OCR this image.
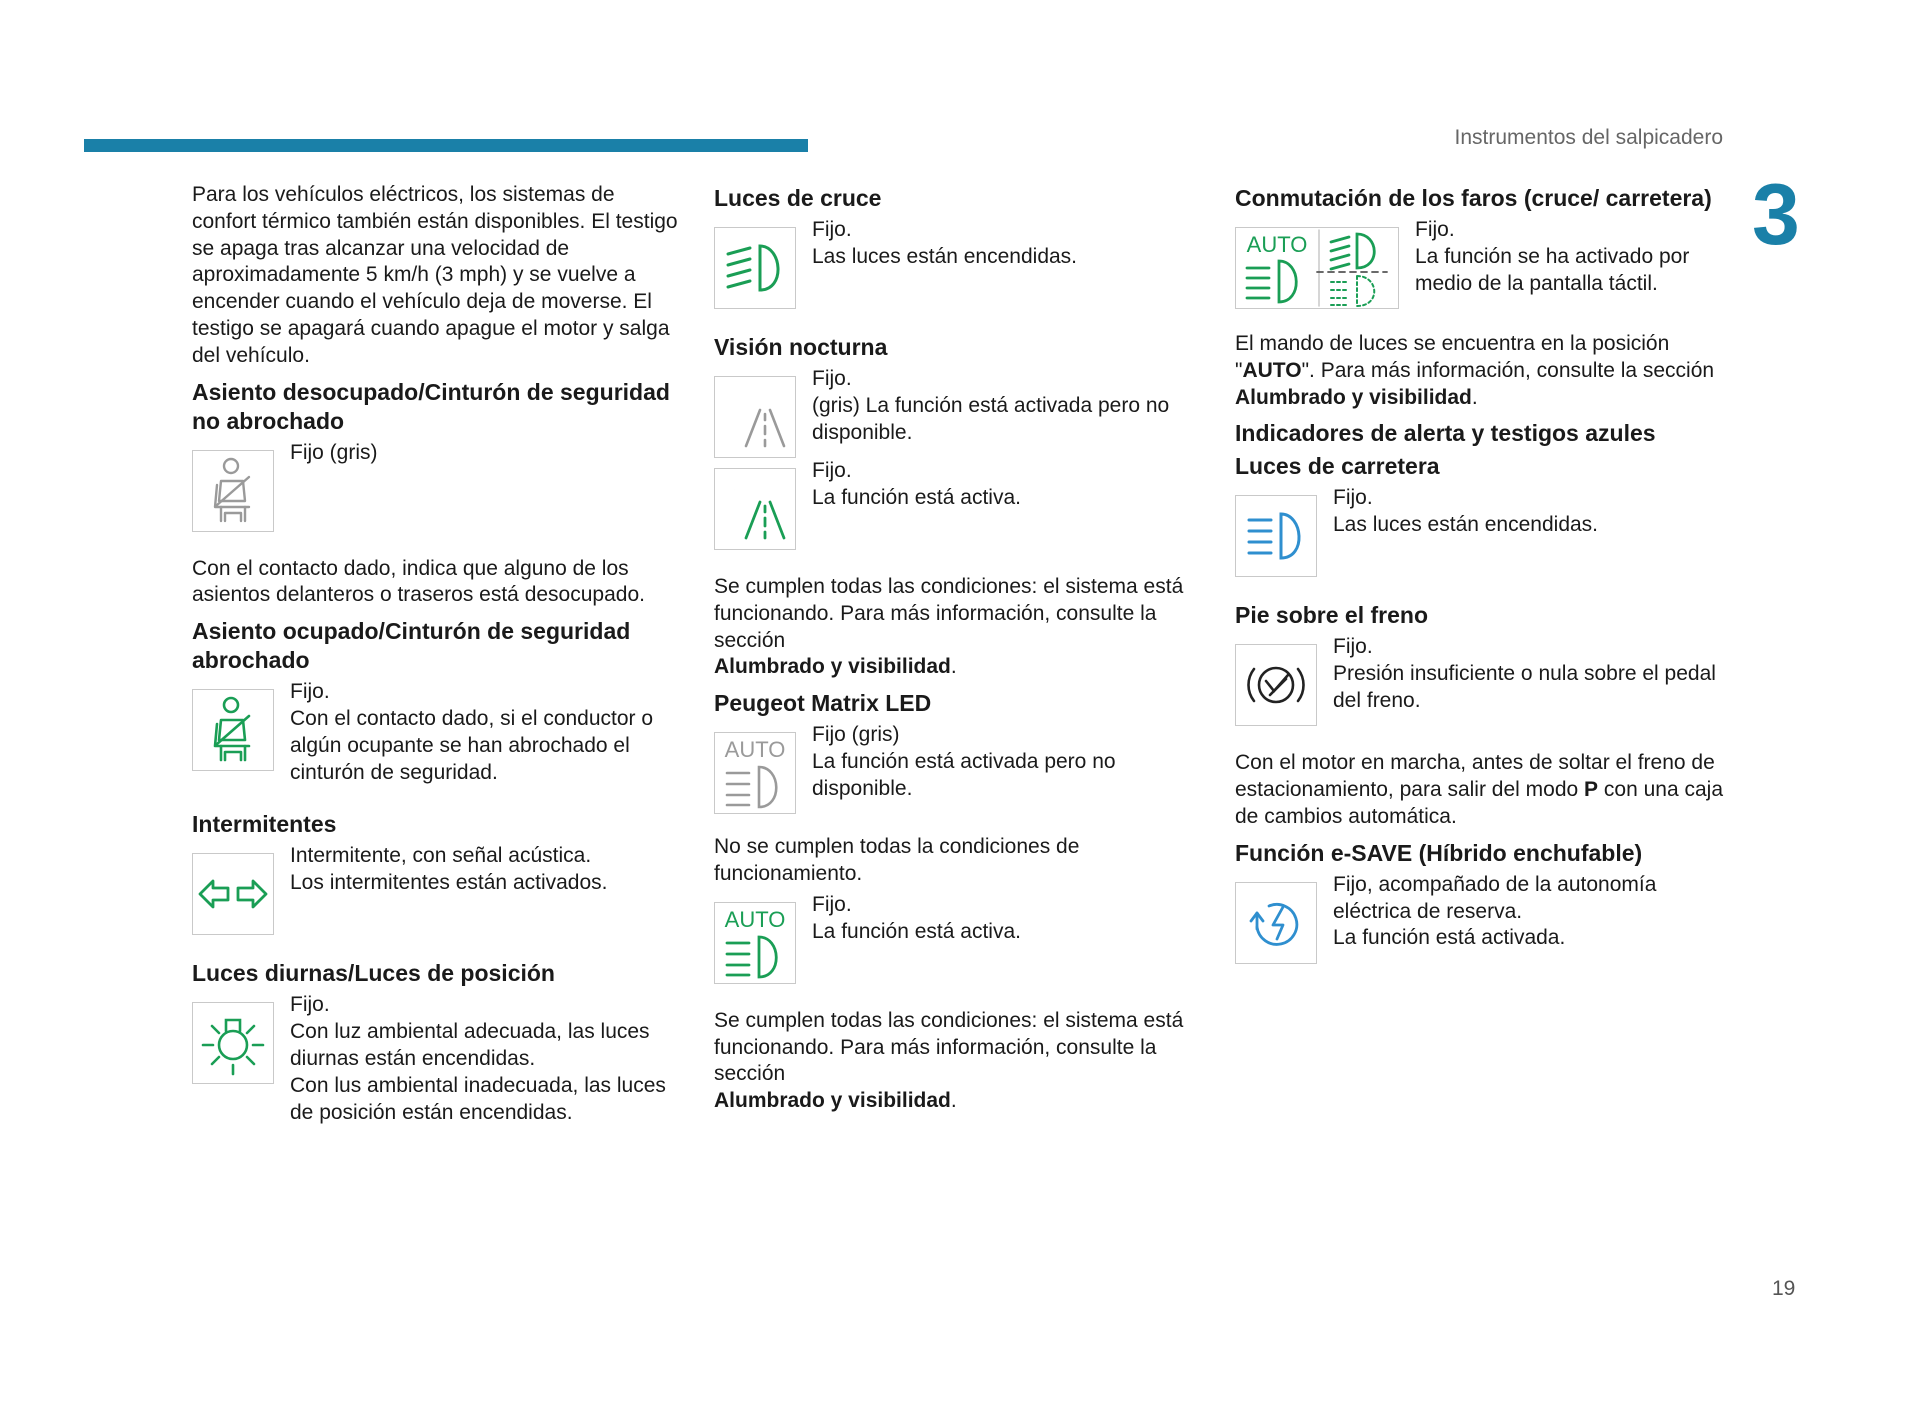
Instrumentos del salpicadero
3
19

Para los vehículos eléctricos, los sistemas de confort térmico también están disponibles. El testigo se apaga tras alcanzar una velocidad de aproximadamente 5 km/h (3 mph) y se vuelve a encender cuando el vehículo deja de moverse. El testigo se apagará cuando apague el motor y salga del vehículo.

Asiento desocupado/Cinturón de seguridad no abrochado
Fijo (gris)

Con el contacto dado, indica que alguno de los asientos delanteros o traseros está desocupado.

Asiento ocupado/Cinturón de seguridad abrochado
Fijo.
Con el contacto dado, si el conductor o algún ocupante se han abrochado el cinturón de seguridad.
Intermitentes
Intermitente, con señal acústica.
Los intermitentes están activados.
Luces diurnas/Luces de posición
Fijo.
Con luz ambiental adecuada, las luces diurnas están encendidas.
Con lus ambiental inadecuada, las luces de posición están encendidas.
Luces de cruce
Fijo.
Las luces están encendidas.
Visión nocturna
Fijo.
(gris) La función está activada pero no disponible.
Fijo.
La función está activa.

Se cumplen todas las condiciones: el sistema está funcionando. Para más información, consulte la sección
Alumbrado y visibilidad.

Peugeot Matrix LED
AUTO
Fijo (gris)
La función está activada pero no disponible.

No se cumplen todas la condiciones de funcionamiento.

AUTO
Fijo.
La función está activa.

Se cumplen todas las condiciones: el sistema está funcionando. Para más información, consulte la sección
Alumbrado y visibilidad.

Conmutación de los faros (cruce/ carretera)
AUTO
Fijo.
La función se ha activado por medio de la pantalla táctil.

El mando de luces se encuentra en la posición "AUTO". Para más información, consulte la sección
Alumbrado y visibilidad.

Indicadores de alerta y testigos azules
Luces de carretera
Fijo.
Las luces están encendidas.
Pie sobre el freno
Fijo.
Presión insuficiente o nula sobre el pedal del freno.

Con el motor en marcha, antes de soltar el freno de estacionamiento, para salir del modo P con una caja de cambios automática.

Función e-SAVE (Híbrido enchufable)
Fijo, acompañado de la autonomía eléctrica de reserva.
La función está activada.
